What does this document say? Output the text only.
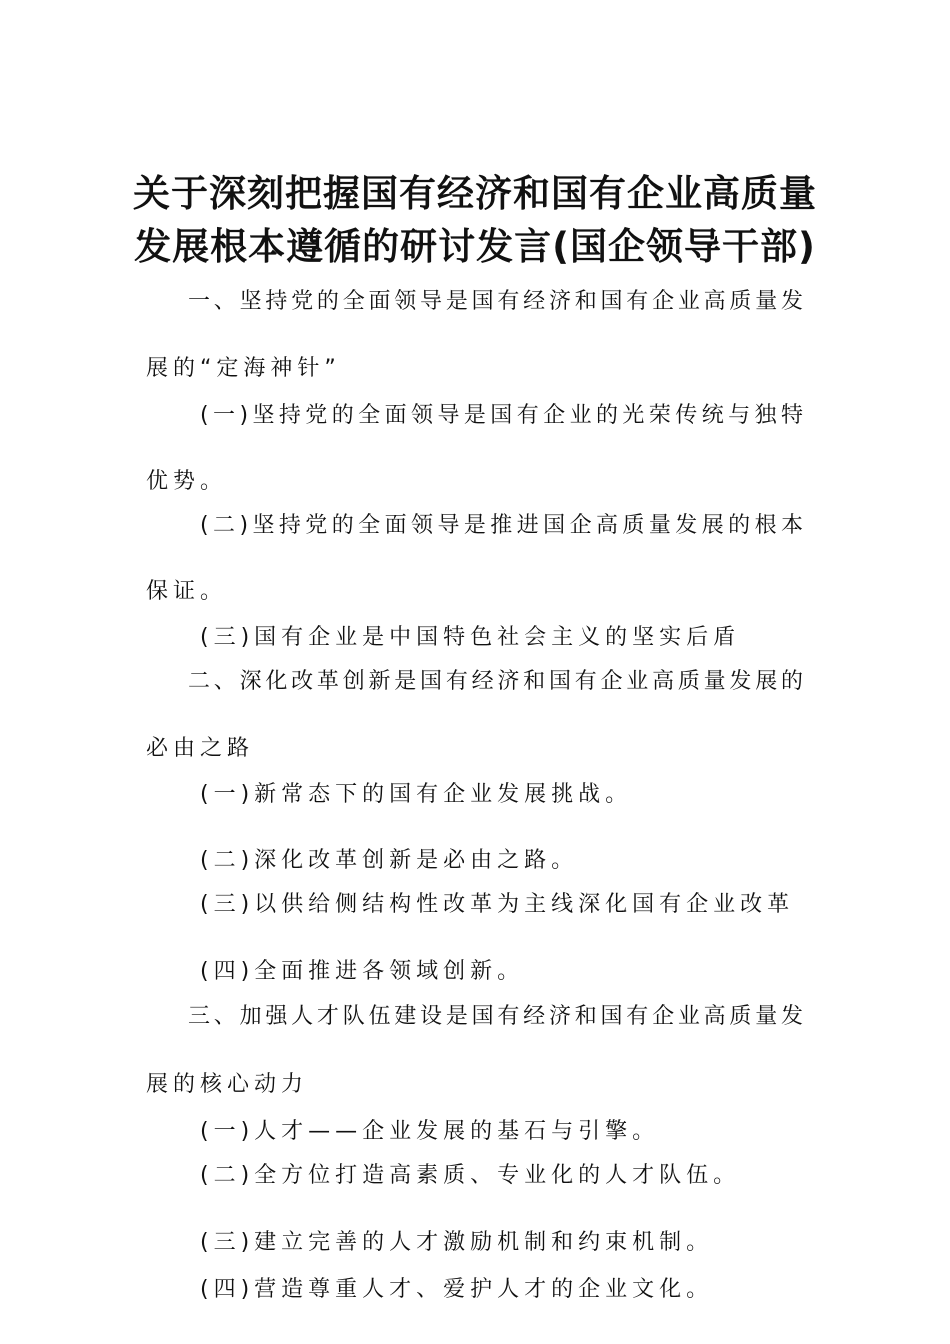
关于深刻把握国有经济和国有企业高质量
发展根本遵循的研讨发言(国企领导干部)
一、坚持党的全面领导是国有经济和国有企业高质量发
展的“定海神针”
(一)坚持党的全面领导是国有企业的光荣传统与独特
优势。
(二)坚持党的全面领导是推进国企高质量发展的根本
保证。
(三)国有企业是中国特色社会主义的坚实后盾
二、深化改革创新是国有经济和国有企业高质量发展的
必由之路
(一)新常态下的国有企业发展挑战。
(二)深化改革创新是必由之路。
(三)以供给侧结构性改革为主线深化国有企业改革
(四)全面推进各领域创新。
三、加强人才队伍建设是国有经济和国有企业高质量发
展的核心动力
(一)人才——企业发展的基石与引擎。
(二)全方位打造高素质、专业化的人才队伍。
(三)建立完善的人才激励机制和约束机制。
(四)营造尊重人才、爱护人才的企业文化。
